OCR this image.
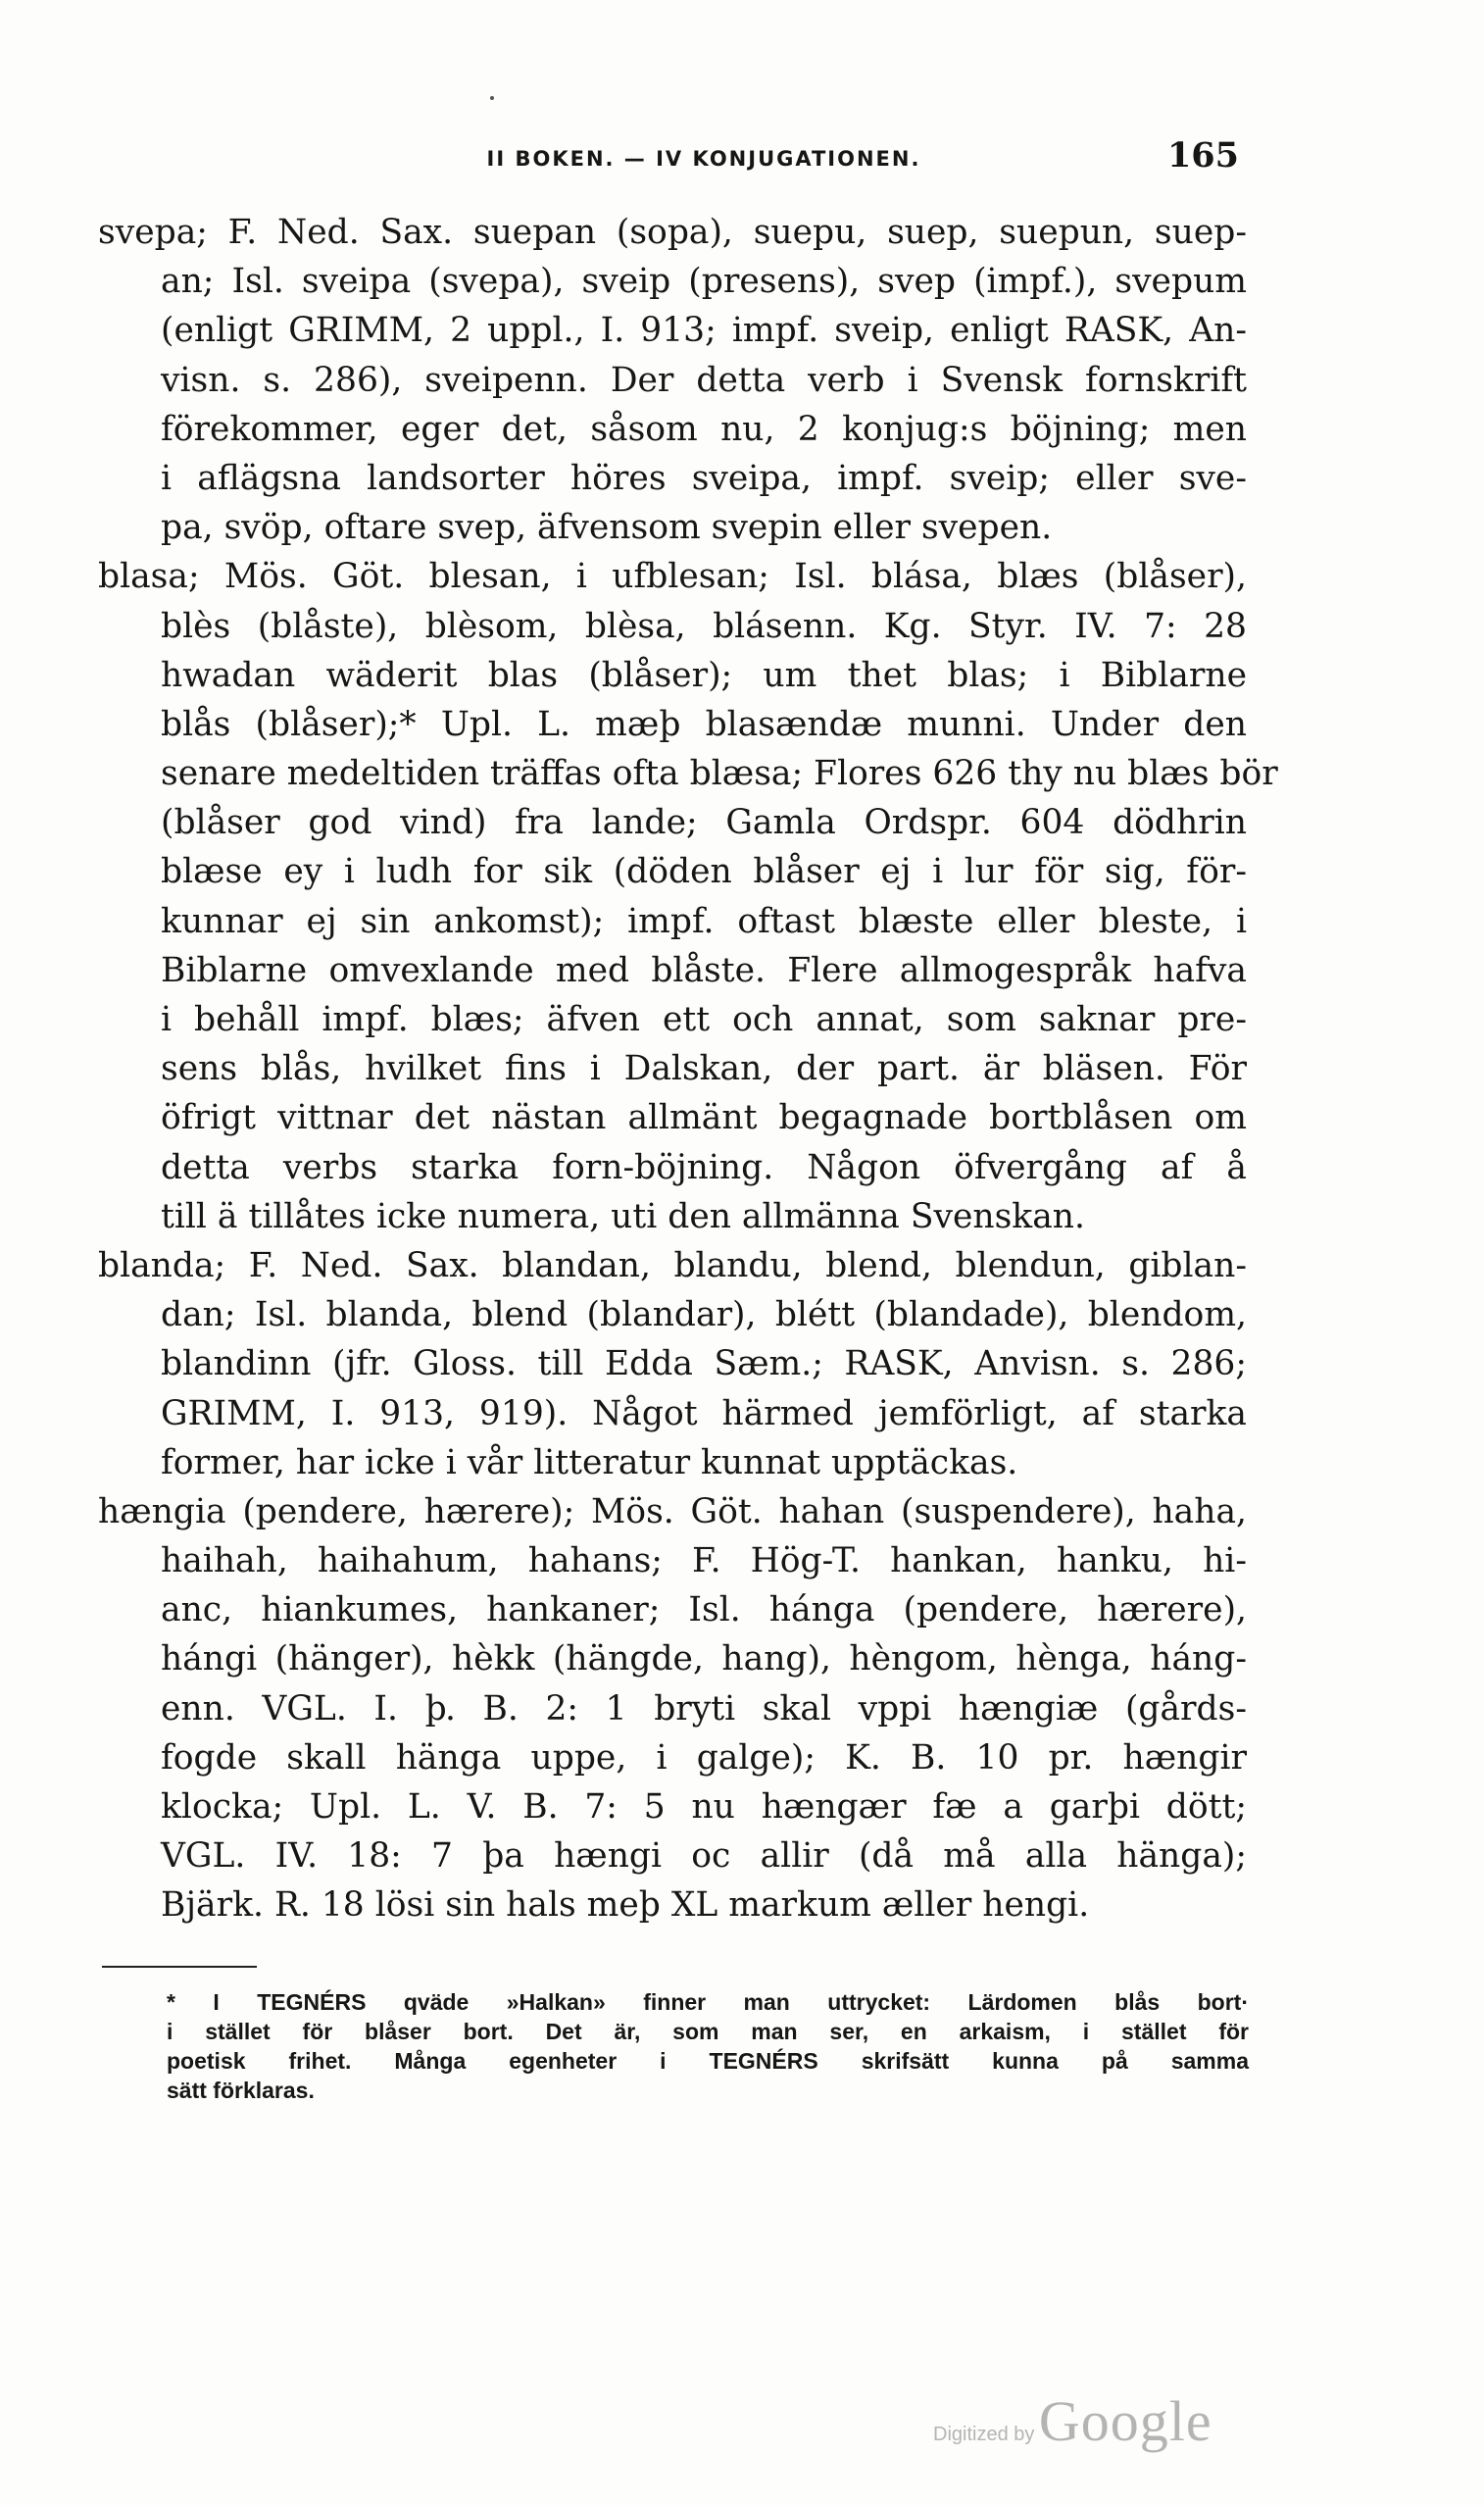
II BOKEN. — IV KONJUGATIONEN.	165
svepa; F. Ned. Sax. suepan (sopa), suepu, suep, suepun, suep-
an; Isl. sveipa (svepa), sveip (presens), svep (impf.), svepum
(enligt GRIMM, 2 uppl., I. 913; impf. sveip, enligt RASK, An-
visn. s. 286), sveipenn. Der detta verb i Svensk fornskrift
förekommer, eger det, såsom nu, 2 konjug:s böjning; men
i aflägsna landsorter höres sveipa, impf. sveip; eller sve-
pa, svöp, oftare svep, äfvensom svepin eller svepen.
blasa; Mös. Göt. blesan, i ufblesan; Isl. blása, blæs (blåser),
blès (blåste), blèsom, blèsa, blásenn. Kg. Styr. IV. 7: 28
hwadan wäderit blas (blåser); um thet blas; i Biblarne
blås (blåser);* Upl. L. mæþ blasændæ munni. Under den
senare medeltiden träffas ofta blæsa; Flores 626 thy nu blæs bör
(blåser god vind) fra lande; Gamla Ordspr. 604 dödhrin
blæse ey i ludh for sik (döden blåser ej i lur för sig, för-
kunnar ej sin ankomst); impf. oftast blæste eller bleste, i
Biblarne omvexlande med blåste. Flere allmogespråk hafva
i behåll impf. blæs; äfven ett och annat, som saknar pre-
sens blås, hvilket fins i Dalskan, der part. är bläsen. För
öfrigt vittnar det nästan allmänt begagnade bortblåsen om
detta verbs starka forn-böjning. Någon öfvergång af å
till ä tillåtes icke numera, uti den allmänna Svenskan.
blanda; F. Ned. Sax. blandan, blandu, blend, blendun, giblan-
dan; Isl. blanda, blend (blandar), blétt (blandade), blendom,
blandinn (jfr. Gloss. till Edda Sæm.; RASK, Anvisn. s. 286;
GRIMM, I. 913, 919). Något härmed jemförligt, af starka
former, har icke i vår litteratur kunnat upptäckas.
hængia (pendere, hærere); Mös. Göt. hahan (suspendere), haha,
haihah, haihahum, hahans; F. Hög-T. hankan, hanku, hi-
anc, hiankumes, hankaner; Isl. hánga (pendere, hærere),
hángi (hänger), hèkk (hängde, hang), hèngom, hènga, háng-
enn. VGL. I. þ. B. 2: 1 bryti skal vppi hængiæ (gårds-
fogde skall hänga uppe, i galge); K. B. 10 pr. hængir
klocka; Upl. L. V. B. 7: 5 nu hængær fæ a garþi dött;
VGL. IV. 18: 7 þa hængi oc allir (då må alla hänga);
Bjärk. R. 18 lösi sin hals meþ XL markum æller hengi.
* I TEGNÉRS qväde »Halkan» finner man uttrycket: Lärdomen blås bort·
i stället för blåser bort. Det är, som man ser, en arkaism, i stället för
poetisk frihet. Många egenheter i TEGNÉRS skrifsätt kunna på samma
sätt förklaras.
Digitized by Google
